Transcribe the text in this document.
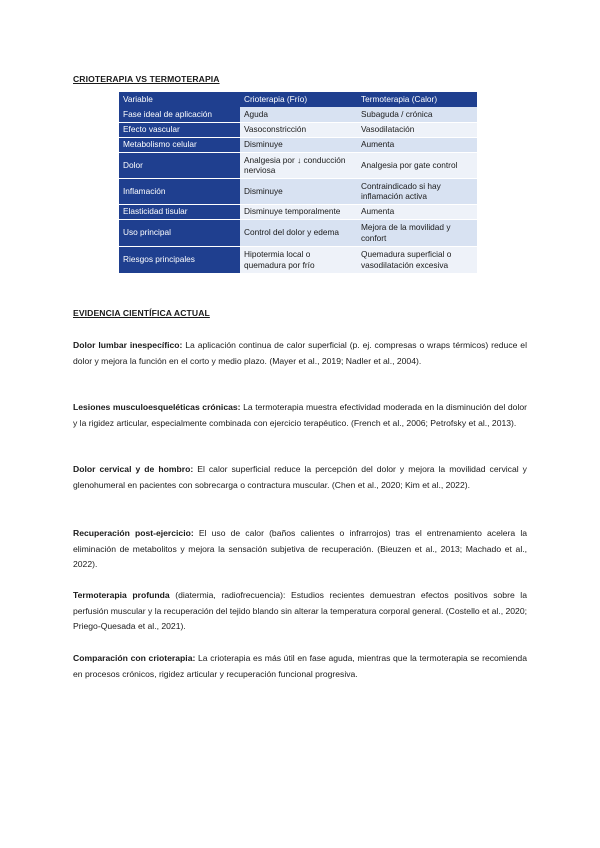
CRIOTERAPIA VS TERMOTERAPIA
Variable	Crioterapia (Frío)	Termoterapia (Calor)
Fase ideal de aplicación	Aguda	Subaguda / crónica
Efecto vascular	Vasoconstricción	Vasodilatación
Metabolismo celular	Disminuye	Aumenta
Dolor	Analgesia por ↓ conducción nerviosa	Analgesia por gate control
Inflamación	Disminuye	Contraindicado si hay inflamación activa
Elasticidad tisular	Disminuye temporalmente	Aumenta
Uso principal	Control del dolor y edema	Mejora de la movilidad y confort
Riesgos principales	Hipotermia local o quemadura por frío	Quemadura superficial o vasodilatación excesiva
EVIDENCIA CIENTÍFICA ACTUAL

Dolor lumbar inespecífico: La aplicación continua de calor superficial (p. ej. compresas o wraps térmicos) reduce el dolor y mejora la función en el corto y medio plazo. (Mayer et al., 2019; Nadler et al., 2004).

Lesiones musculoesqueléticas crónicas: La termoterapia muestra efectividad moderada en la disminución del dolor y la rigidez articular, especialmente combinada con ejercicio terapéutico. (French et al., 2006; Petrofsky et al., 2013).

Dolor cervical y de hombro: El calor superficial reduce la percepción del dolor y mejora la movilidad cervical y glenohumeral en pacientes con sobrecarga o contractura muscular. (Chen et al., 2020; Kim et al., 2022).

Recuperación post-ejercicio: El uso de calor (baños calientes o infrarrojos) tras el entrenamiento acelera la eliminación de metabolitos y mejora la sensación subjetiva de recuperación. (Bieuzen et al., 2013; Machado et al., 2022).

Termoterapia profunda (diatermia, radiofrecuencia): Estudios recientes demuestran efectos positivos sobre la perfusión muscular y la recuperación del tejido blando sin alterar la temperatura corporal general. (Costello et al., 2020; Priego-Quesada et al., 2021).

Comparación con crioterapia: La crioterapia es más útil en fase aguda, mientras que la termoterapia se recomienda en procesos crónicos, rigidez articular y recuperación funcional progresiva.
